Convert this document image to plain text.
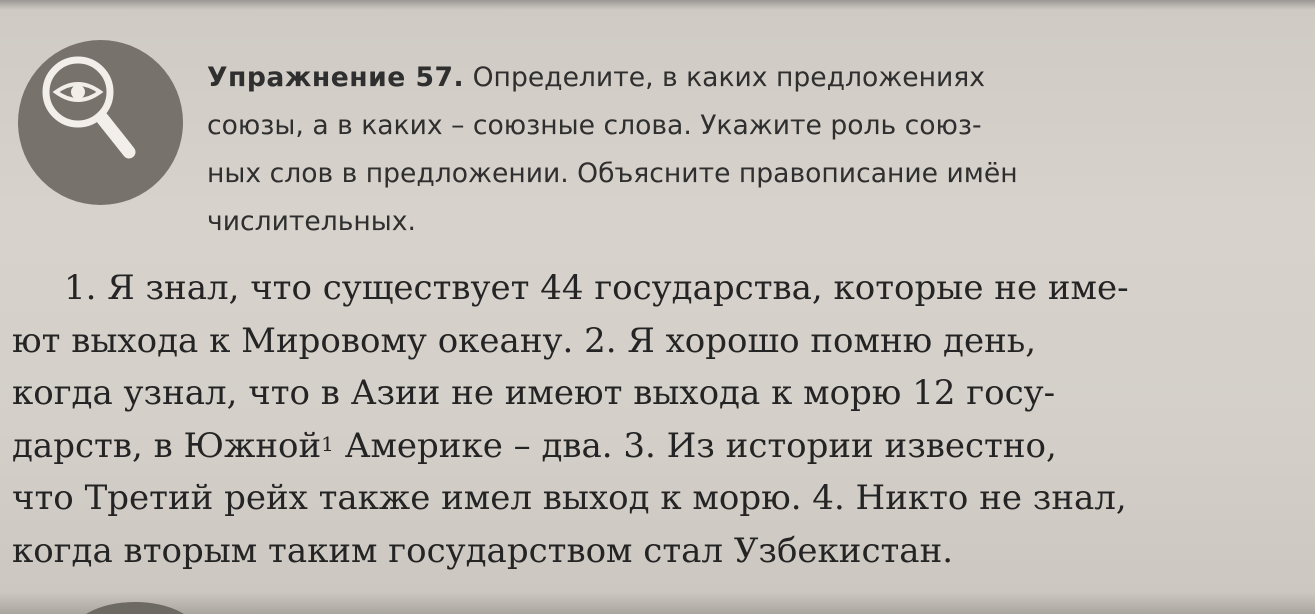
Упражнение 57. Определите, в каких предложениях
союзы, а в каких – союзные слова. Укажите роль союз-
ных слов в предложении. Объясните правописание имён
числительных.
1. Я знал, что существует 44 государства, которые не име-
ют выхода к Мировому океану. 2. Я хорошо помню день,
когда узнал, что в Азии не имеют выхода к морю 12 госу-
дарств, в Южной$^1$ Америке – два. 3. Из истории известно,
что Третий рейх также имел выход к морю. 4. Никто не знал,
когда вторым таким государством стал Узбекистан.
